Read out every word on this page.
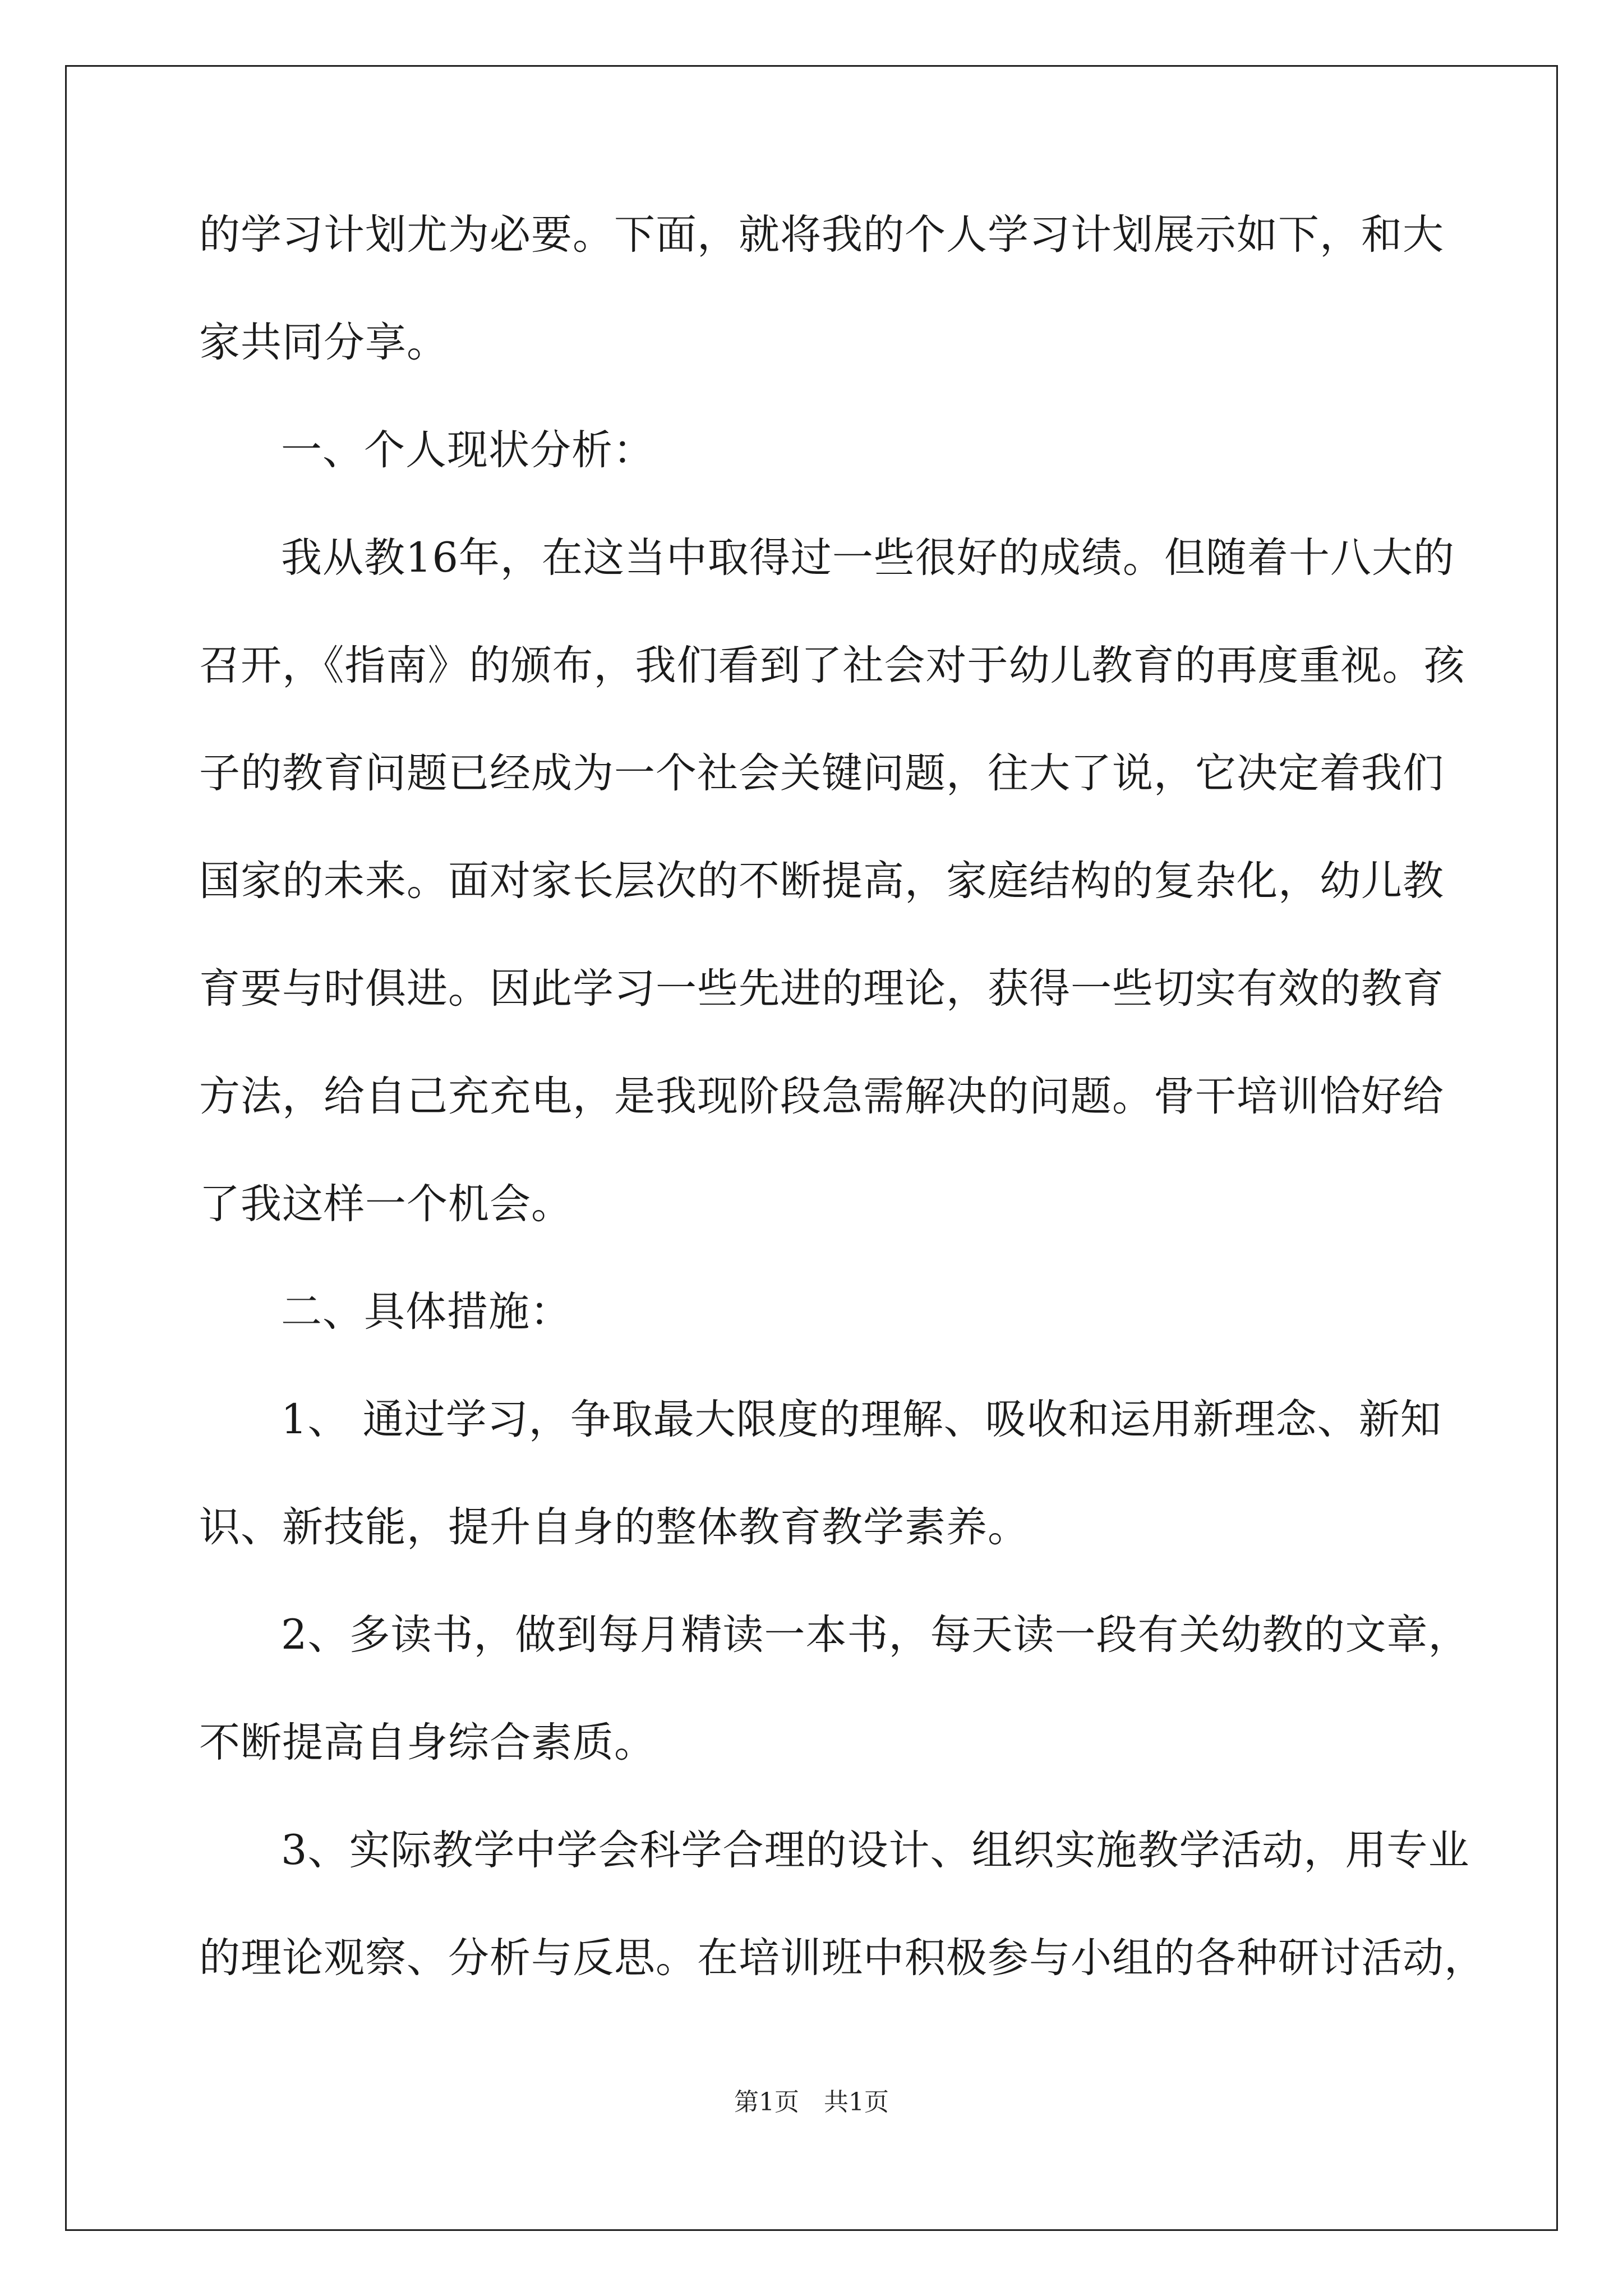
的学习计划尤为必要。下面，就将我的个人学习计划展示如下，和大
家共同分享。
一、个人现状分析：
我从教16年，在这当中取得过一些很好的成绩。但随着十八大的
召开，《指南》的颁布，我们看到了社会对于幼儿教育的再度重视。孩
子的教育问题已经成为一个社会关键问题，往大了说，它决定着我们
国家的未来。面对家长层次的不断提高，家庭结构的复杂化，幼儿教
育要与时俱进。因此学习一些先进的理论，获得一些切实有效的教育
方法，给自己充充电，是我现阶段急需解决的问题。骨干培训恰好给
了我这样一个机会。
二、具体措施：
1、 通过学习，争取最大限度的理解、吸收和运用新理念、新知
识、新技能，提升自身的整体教育教学素养。
2、多读书，做到每月精读一本书，每天读一段有关幼教的文章，
不断提高自身综合素质。
3、实际教学中学会科学合理的设计、组织实施教学活动，用专业
的理论观察、分析与反思。在培训班中积极参与小组的各种研讨活动，
第1页 共1页
